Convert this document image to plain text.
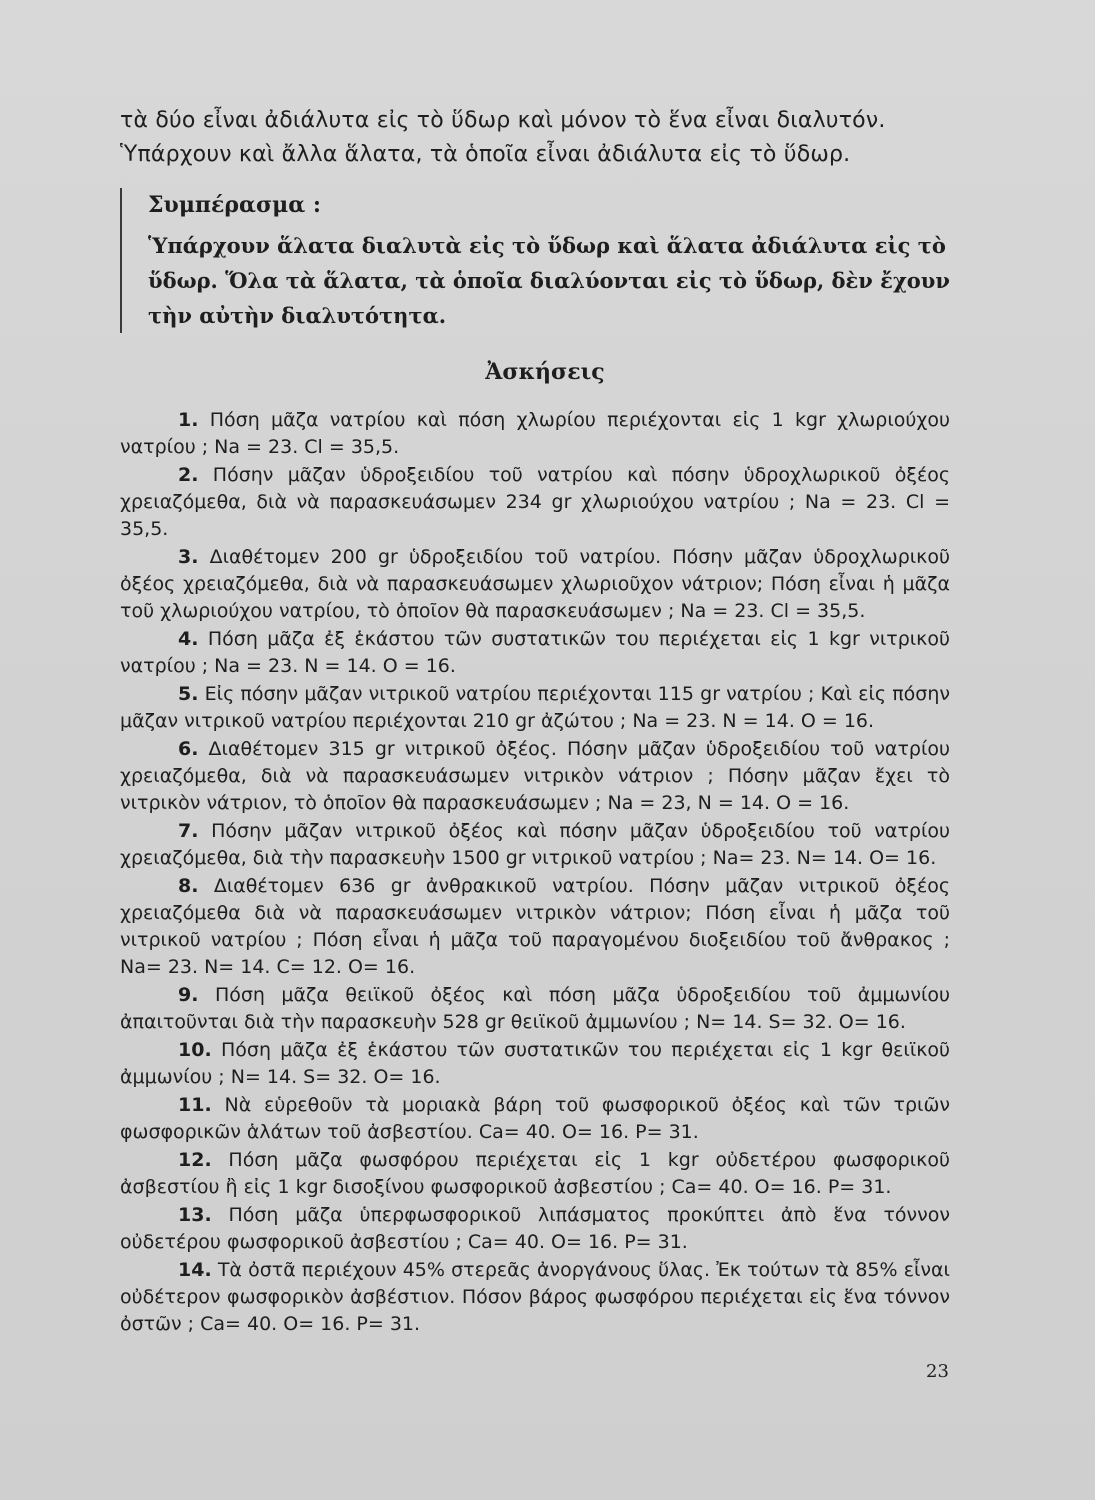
τὰ δύο εἶναι ἀδιάλυτα εἰς τὸ ὕδωρ καὶ μόνον τὸ ἕνα εἶναι διαλυτόν.

Ὑπάρχουν καὶ ἄλλα ἅλατα, τὰ ὁποῖα εἶναι ἀδιάλυτα εἰς τὸ ὕδωρ.

Συμπέρασμα :

Ὑπάρχουν ἅλατα διαλυτὰ εἰς τὸ ὕδωρ καὶ ἅλατα ἀδιάλυτα εἰς τὸ ὕδωρ. Ὅλα τὰ ἅλατα, τὰ ὁποῖα διαλύονται εἰς τὸ ὕδωρ, δὲν ἔχουν τὴν αὐτὴν διαλυτότητα.

Ἀσκήσεις

1. Πόση μᾶζα νατρίου καὶ πόση χλωρίου περιέχονται εἰς 1 kgr χλωριούχου νατρίου ; Na = 23. Cl = 35,5.

2. Πόσην μᾶζαν ὑδροξειδίου τοῦ νατρίου καὶ πόσην ὑδροχλωρικοῦ ὀξέος χρειαζόμεθα, διὰ νὰ παρασκευάσωμεν 234 gr χλωριούχου νατρίου ; Na = 23. Cl = 35,5.

3. Διαθέτομεν 200 gr ὑδροξειδίου τοῦ νατρίου. Πόσην μᾶζαν ὑδροχλωρικοῦ ὀξέος χρειαζόμεθα, διὰ νὰ παρασκευάσωμεν χλωριοῦχον νάτριον; Πόση εἶναι ἡ μᾶζα τοῦ χλωριούχου νατρίου, τὸ ὁποῖον θὰ παρασκευάσωμεν ; Na = 23. Cl = 35,5.

4. Πόση μᾶζα ἐξ ἑκάστου τῶν συστατικῶν του περιέχεται εἰς 1 kgr νιτρικοῦ νατρίου ; Na = 23. N = 14. O = 16.

5. Εἰς πόσην μᾶζαν νιτρικοῦ νατρίου περιέχονται 115 gr νατρίου ; Καὶ εἰς πόσην μᾶζαν νιτρικοῦ νατρίου περιέχονται 210 gr ἀζώτου ; Na = 23. N = 14. O = 16.

6. Διαθέτομεν 315 gr νιτρικοῦ ὀξέος. Πόσην μᾶζαν ὑδροξειδίου τοῦ νατρίου χρειαζόμεθα, διὰ νὰ παρασκευάσωμεν νιτρικὸν νάτριον ; Πόσην μᾶζαν ἔχει τὸ νιτρικὸν νάτριον, τὸ ὁποῖον θὰ παρασκευάσωμεν ; Na = 23, N = 14. O = 16.

7. Πόσην μᾶζαν νιτρικοῦ ὀξέος καὶ πόσην μᾶζαν ὑδροξειδίου τοῦ νατρίου χρειαζόμεθα, διὰ τὴν παρασκευὴν 1500 gr νιτρικοῦ νατρίου ; Na= 23. N= 14. O= 16.

8. Διαθέτομεν 636 gr ἀνθρακικοῦ νατρίου. Πόσην μᾶζαν νιτρικοῦ ὀξέος χρειαζόμεθα διὰ νὰ παρασκευάσωμεν νιτρικὸν νάτριον; Πόση εἶναι ἡ μᾶζα τοῦ νιτρικοῦ νατρίου ; Πόση εἶναι ἡ μᾶζα τοῦ παραγομένου διοξειδίου τοῦ ἄνθρακος ; Na= 23. N= 14. C= 12. O= 16.

9. Πόση μᾶζα θειϊκοῦ ὀξέος καὶ πόση μᾶζα ὑδροξειδίου τοῦ ἀμμωνίου ἀπαιτοῦνται διὰ τὴν παρασκευὴν 528 gr θειϊκοῦ ἀμμωνίου ; N= 14. S= 32. O= 16.

10. Πόση μᾶζα ἐξ ἑκάστου τῶν συστατικῶν του περιέχεται εἰς 1 kgr θειϊκοῦ ἀμμωνίου ; N= 14. S= 32. O= 16.

11. Νὰ εὑρεθοῦν τὰ μοριακὰ βάρη τοῦ φωσφορικοῦ ὀξέος καὶ τῶν τριῶν φωσφορικῶν ἁλάτων τοῦ ἀσβεστίου. Ca= 40. O= 16. P= 31.

12. Πόση μᾶζα φωσφόρου περιέχεται εἰς 1 kgr οὐδετέρου φωσφορικοῦ ἀσβεστίου ἢ εἰς 1 kgr δισοξίνου φωσφορικοῦ ἀσβεστίου ; Ca= 40. O= 16. P= 31.

13. Πόση μᾶζα ὑπερφωσφορικοῦ λιπάσματος προκύπτει ἀπὸ ἕνα τόννον οὐδετέρου φωσφορικοῦ ἀσβεστίου ; Ca= 40. O= 16. P= 31.

14. Τὰ ὀστᾶ περιέχουν 45% στερεᾶς ἀνοργάνους ὕλας. Ἐκ τούτων τὰ 85% εἶναι οὐδέτερον φωσφορικὸν ἀσβέστιον. Πόσον βάρος φωσφόρου περιέχεται εἰς ἕνα τόννον ὀστῶν ; Ca= 40. O= 16. P= 31.

23
